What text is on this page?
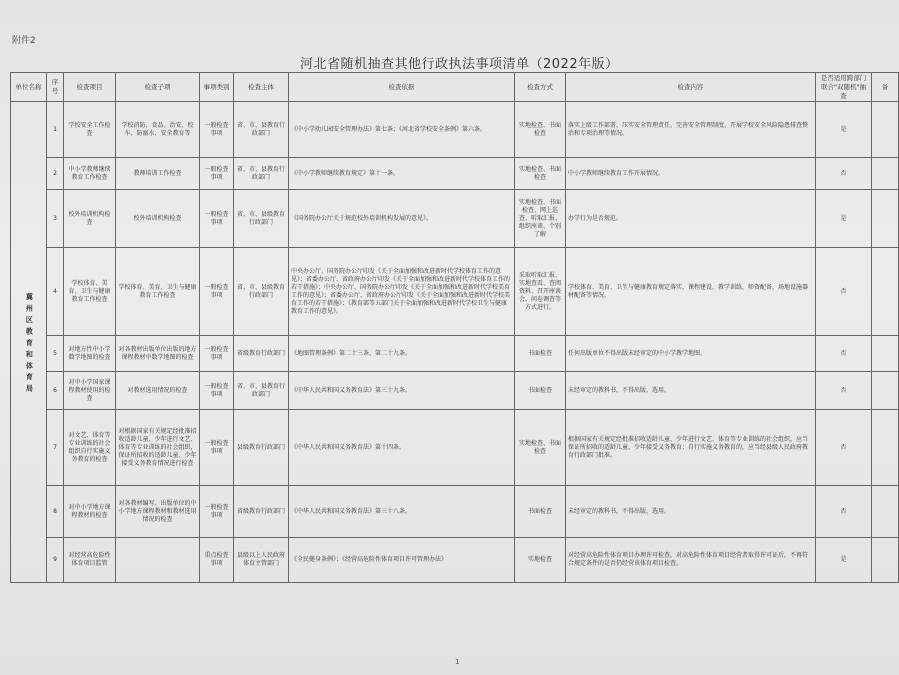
附件2
河北省随机抽查其他行政执法事项清单（2022年版）
单位名称	序号	检查项目	检查子项	事项类别	检查主体	检查依据	检查方式	检查内容	是否适用跨部门联合"双随机"抽查	备
冀 州 区 教 育 和 体 育 局	1	学校安全工作检查	学校消防、食品、治安、校车、防溺水、安全教育等	一般检查事项	省、市、县教育行政部门	《中小学幼儿园安全管理办法》第七条；《河北省学校安全条例》第六条。	实地检查、书面检查	落实上级工作部署，压实安全管理责任，完善安全管理制度，开展学校安全风险隐患排查整治和专项治理等情况。	是	
	2	中小学教师继续教育工作检查	教师培训工作检查	一般检查事项	省、市、县教育行政部门	《中小学教师继续教育规定》第十一条。	实地检查、书面检查	中小学教师继续教育工作开展情况。	否	
	3	校外培训机构检查	校外培训机构检查	一般检查事项	省、市、县级教育行政部门	《国务院办公厅关于规范校外培训机构发展的意见》。	实地检查、书面检查、网上巡查、听取汇报、组织座谈、个别了解	办学行为是否规范。	是	
	4	学校体育、美育、卫生与健康教育工作检查	学校体育、美育、卫生与健康教育工作检查	一般检查事项	省、市、县级教育行政部门	中央办公厅、国务院办公厅印发《关于全面加强和改进新时代学校体育工作的意见》；省委办公厅、省政府办公厅印发《关于全面加强和改进新时代学校体育工作的若干措施》；中央办公厅、国务院办公厅印发《关于全面加强和改进新时代学校美育工作的意见》；省委办公厅、省政府办公厅印发《关于全面加强和改进新时代学校美育工作的若干措施》；《教育部等五部门关于全面加强和改进新时代学校卫生与健康教育工作的意见》。	采取听取汇报、实地查看、查阅资料、召开座谈会、问卷调查等方式进行。	学校体育、美育、卫生与健康教育规定落实，课程建设，教学训练，师资配备，场地设施器材配备等情况。	否	
	5	对地方性中小学数学地图的检查	对各教材出版单位出版的地方课程教材中数学地图的检查	一般检查事项	省级教育行政部门	《地图管理条例》第二十三条、第二十九条。	书面检查	任何出版单位不得出版未经审定的中小学教学地图。	否	
	6	对中小学国家课程教材使用的检查	对教材选用情况的检查	一般检查事项	省、市、县教育行政部门	《中华人民共和国义务教育法》第三十九条。	书面检查	未经审定的教科书，不得出版、选用。	否	
	7	对文艺、体育等专业训练的社会组织自行实施义务教育的检查	对根据国家有关规定经批准招收适龄儿童、少年进行文艺、体育等专业训练的社会组织，保证所招收的适龄儿童、少年接受义务教育情况进行检查	一般检查事项	县级教育行政部门	《中华人民共和国义务教育法》第十四条。	实地检查、书面检查	根据国家有关规定经批准招收适龄儿童、少年进行文艺、体育等专业训练的社会组织，应当保证所招收的适龄儿童、少年接受义务教育；自行实施义务教育的，应当经县级人民政府教育行政部门批准。	否	
	8	对中小学地方课程教材的检查	对各教材编写、出版单位的中小学地方课程教材和教材选用情况的检查	一般检查事项	省级教育行政部门	《中华人民共和国义务教育法》第三十八条。	书面检查	未经审定的教科书，不得出版、选用。	否	
	9	对经营高危险性体育项目监管		重点检查事项	县级以上人民政府体育主管部门	《全民健身条例》；《经营高危险性体育项目许可管理办法》	实地检查	对经营高危险性体育项目办理许可检查，对高危险性体育项目经营者取得许可证后，不再符合规定条件的是否仍经营该体育项目检查。	是	
1
